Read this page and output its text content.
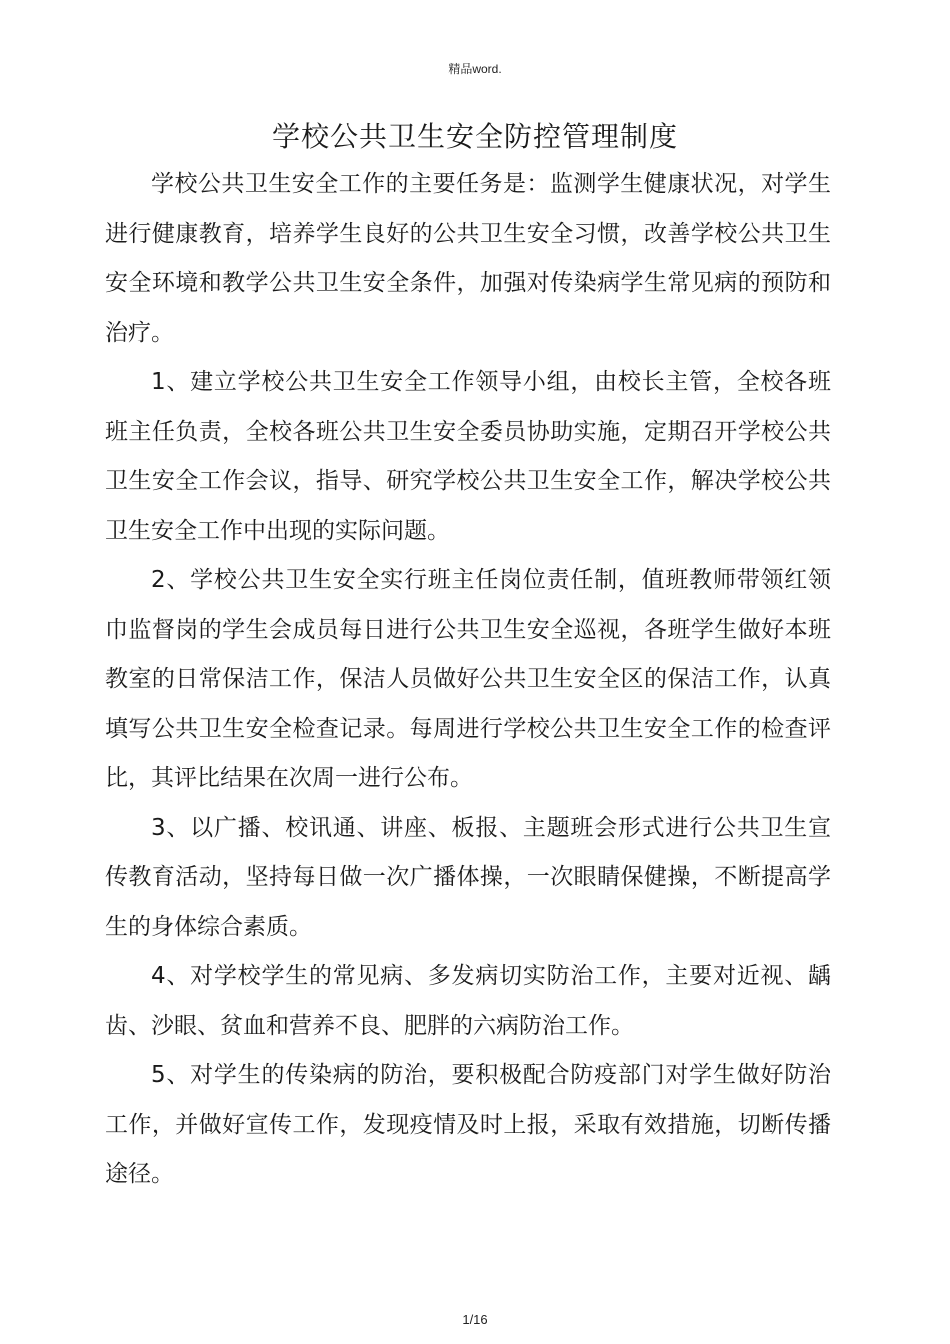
精品word.
学校公共卫生安全防控管理制度

学校公共卫生安全工作的主要任务是：监测学生健康状况，对学生进行健康教育，培养学生良好的公共卫生安全习惯，改善学校公共卫生安全环境和教学公共卫生安全条件，加强对传染病学生常见病的预防和治疗。

1、建立学校公共卫生安全工作领导小组，由校长主管，全校各班班主任负责，全校各班公共卫生安全委员协助实施，定期召开学校公共卫生安全工作会议，指导、研究学校公共卫生安全工作，解决学校公共卫生安全工作中出现的实际问题。

2、学校公共卫生安全实行班主任岗位责任制，值班教师带领红领巾监督岗的学生会成员每日进行公共卫生安全巡视，各班学生做好本班教室的日常保洁工作，保洁人员做好公共卫生安全区的保洁工作，认真填写公共卫生安全检查记录。每周进行学校公共卫生安全工作的检查评比，其评比结果在次周一进行公布。

3、以广播、校讯通、讲座、板报、主题班会形式进行公共卫生宣传教育活动，坚持每日做一次广播体操，一次眼睛保健操，不断提高学生的身体综合素质。

4、对学校学生的常见病、多发病切实防治工作，主要对近视、龋齿、沙眼、贫血和营养不良、肥胖的六病防治工作。

5、对学生的传染病的防治，要积极配合防疫部门对学生做好防治工作，并做好宣传工作，发现疫情及时上报，采取有效措施，切断传播途径。

1/16
